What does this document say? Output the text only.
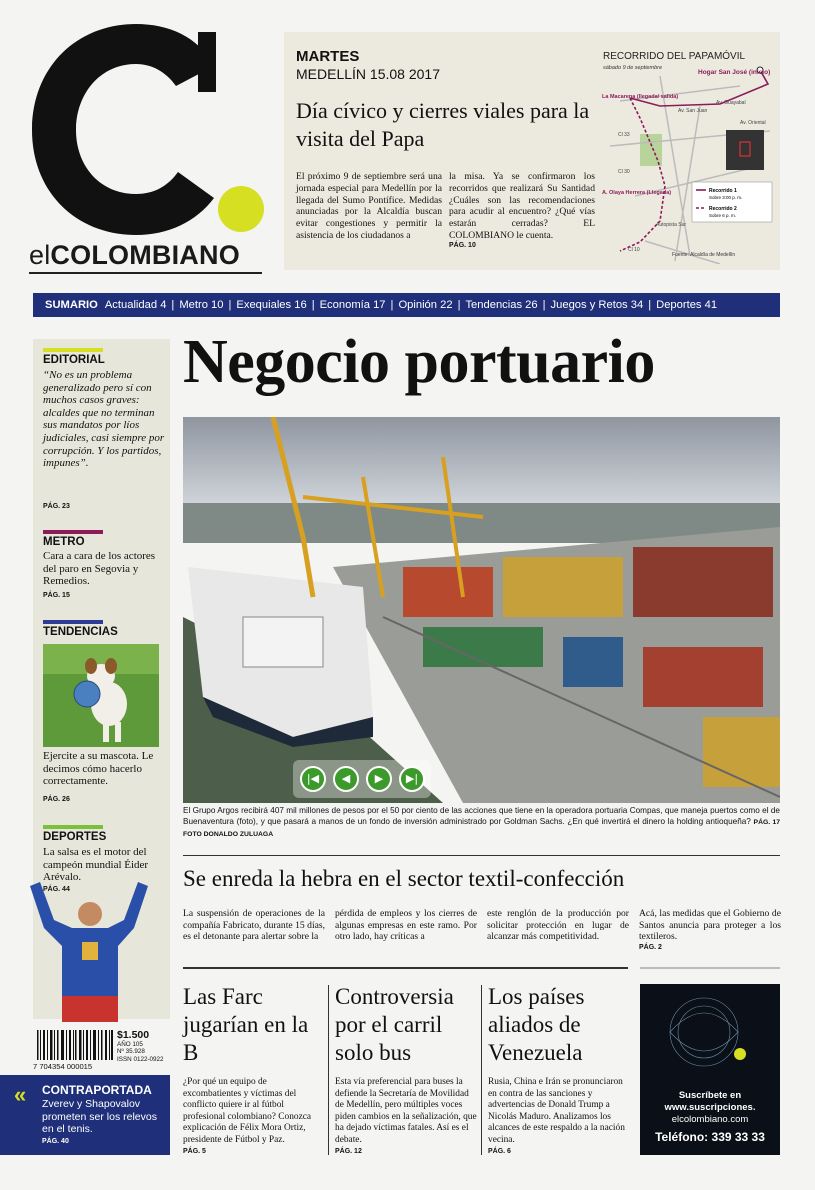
elCOLOMBIANO
MARTES
MEDELLÍN 15.08 2017
Día cívico y cierres viales para la visita del Papa
El próximo 9 de septiembre será una jornada especial para Medellín por la llegada del Sumo Pontífice. Medidas anunciadas por la Alcaldía buscan evitar congestiones y permitir la asistencia de los ciudadanos a
la misa. Ya se confirmaron los recorridos que realizará Su Santidad ¿Cuáles son las recomendaciones para acudir al encuentro? ¿Qué vías estarán cerradas? EL COLOMBIANO le cuenta.
PÁG. 10
RECORRIDO DEL PAPAMÓVIL
sábado 9 de septiembre
Hogar San José (inicio)
La Macarena (llegada/ salida)
A. Olaya Herrera (Llegada)
Cl 33
Cl 30
Av. San Juan
Av. Guayabal
Av. Oriental
Autopista Sur
Cl 10
Recorrido 1
Sobre 3:00 p. m.
Recorrido 2
Sobre 6 p. m.
Fuente: Alcaldía de Medellín
SUMARIO Actualidad 4 | Metro 10 | Exequiales 16 | Economía 17 | Opinión 22 | Tendencias 26 | Juegos y Retos 34 | Deportes 41
EDITORIAL
“No es un problema generalizado pero sí con muchos casos graves: alcaldes que no terminan sus mandatos por líos judiciales, casi siempre por corrupción. Y los partidos, impunes”.
PÁG. 23
METRO
Cara a cara de los actores del paro en Segovia y Remedios.
PÁG. 15
TENDENCIAS
Ejercite a su mascota. Le decimos cómo hacerlo correctamente.
PÁG. 26
DEPORTES
La salsa es el motor del campeón mundial Éider Arévalo.
PÁG. 44
7 704354 000015
$1.500
AÑO 105
Nº 35.928
ISSN 0122-0922
« CONTRAPORTADA
Zverev y Shapovalov prometen ser los relevos en el tenis.
PÁG. 40
Negocio portuario
|◀	◀	▶	▶|
El Grupo Argos recibirá 407 mil millones de pesos por el 50 por ciento de las acciones que tiene en la operadora portuaria Compas, que maneja puertos como el de Buenaventura (foto), y que pasará a manos de un fondo de inversión administrado por Goldman Sachs. ¿En qué invertirá el dinero la holding antioqueña? PÁG. 17 FOTO DONALDO ZULUAGA
Se enreda la hebra en el sector textil-confección
La suspensión de operaciones de la compañía Fabricato, durante 15 días, es el detonante para alertar sobre la
pérdida de empleos y los cierres de algunas empresas en este ramo. Por otro lado, hay críticas a
este renglón de la producción por solicitar protección en lugar de alcanzar más competitividad.
Acá, las medidas que el Gobierno de Santos anuncia para proteger a los textileros.
PÁG. 2
Las Farc jugarían en la B
¿Por qué un equipo de excombatientes y víctimas del conflicto quiere ir al fútbol profesional colombiano? Conozca explicación de Félix Mora Ortiz, presidente de Fútbol y Paz.
PÁG. 5
Controversia por el carril solo bus
Esta vía preferencial para buses la defiende la Secretaría de Movilidad de Medellín, pero múltiples voces piden cambios en la señalización, que ha dejado víctimas fatales. Así es el debate.
PÁG. 12
Los países aliados de Venezuela
Rusia, China e Irán se pronunciaron en contra de las sanciones y advertencias de Donald Trump a Nicolás Maduro. Analizamos los alcances de este respaldo a la nación vecina.
PÁG. 6
Suscríbete en
www.suscripciones.
elcolombiano.com
Teléfono: 339 33 33
